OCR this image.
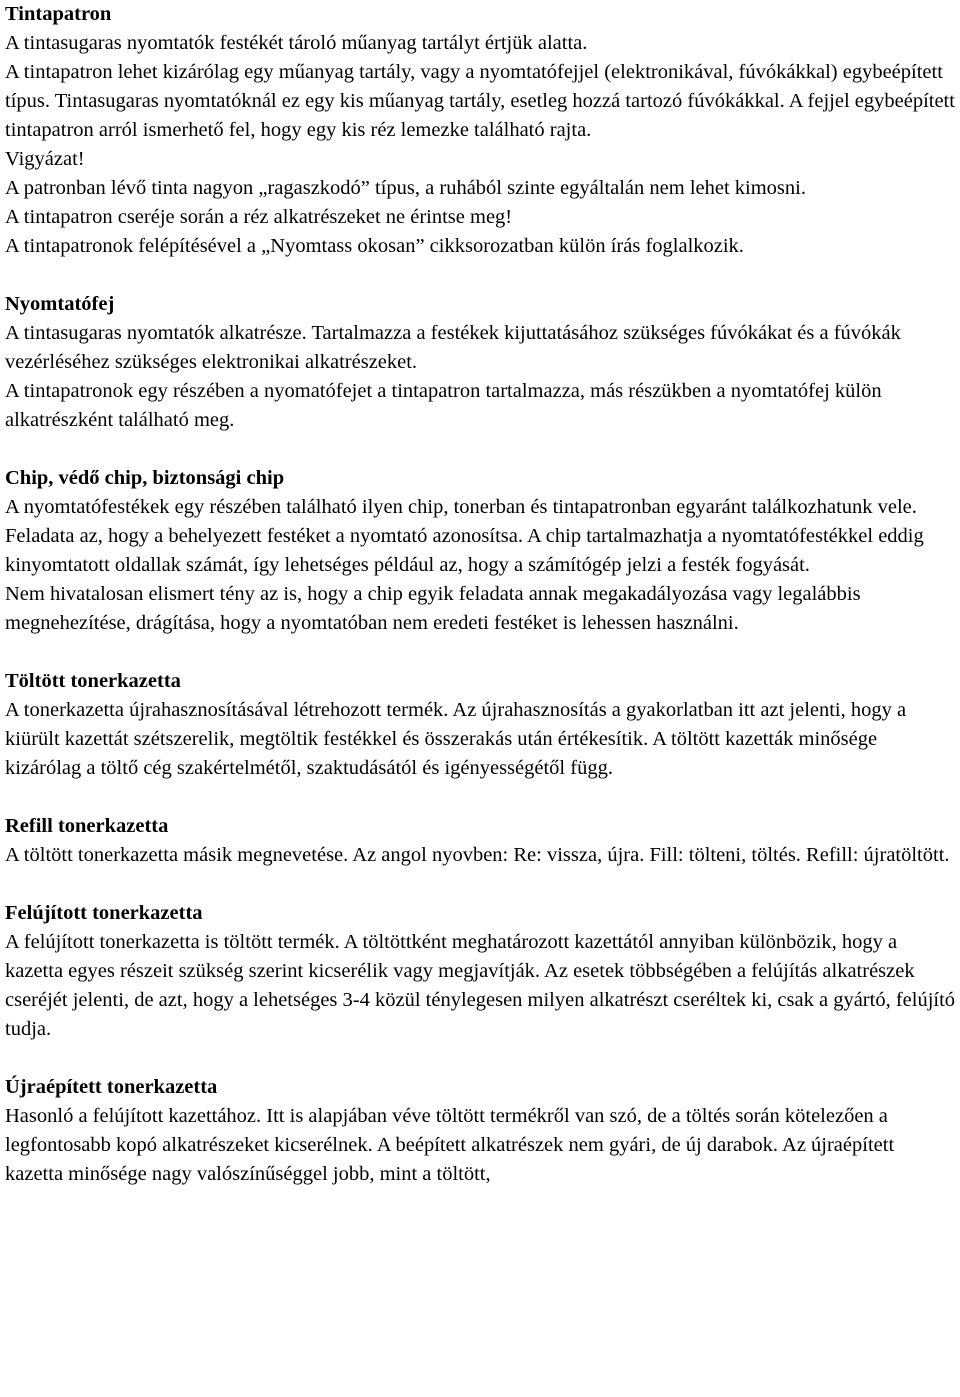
Tintapatron

A tintasugaras nyomtatók festékét tároló műanyag tartályt értjük alatta.

A tintapatron lehet kizárólag egy műanyag tartály, vagy a nyomtatófejjel (elektronikával, fúvókákkal) egybeépített típus. Tintasugaras nyomtatóknál ez egy kis műanyag tartály, esetleg hozzá tartozó fúvókákkal. A fejjel egybeépített tintapatron arról ismerhető fel, hogy egy kis réz lemezke található rajta.

Vigyázat!

A patronban lévő tinta nagyon „ragaszkodó” típus, a ruhából szinte egyáltalán nem lehet kimosni.

A tintapatron cseréje során a réz alkatrészeket ne érintse meg!

A tintapatronok felépítésével a „Nyomtass okosan” cikksorozatban külön írás foglalkozik.

Nyomtatófej

A tintasugaras nyomtatók alkatrésze. Tartalmazza a festékek kijuttatásához szükséges fúvókákat és a fúvókák vezérléséhez szükséges elektronikai alkatrészeket.

A tintapatronok egy részében a nyomatófejet a tintapatron tartalmazza, más részükben a nyomtatófej külön alkatrészként található meg.

Chip, védő chip, biztonsági chip

A nyomtatófestékek egy részében található ilyen chip, tonerban és tintapatronban egyaránt találkozhatunk vele.

Feladata az, hogy a behelyezett festéket a nyomtató azonosítsa. A chip tartalmazhatja a nyomtatófestékkel eddig kinyomtatott oldallak számát, így lehetséges például az, hogy a számítógép jelzi a festék fogyását.

Nem hivatalosan elismert tény az is, hogy a chip egyik feladata annak megakadályozása vagy legalábbis megnehezítése, drágítása, hogy a nyomtatóban nem eredeti festéket is lehessen használni.

Töltött tonerkazetta

A tonerkazetta újrahasznosításával létrehozott termék. Az újrahasznosítás a gyakorlatban itt azt jelenti, hogy a kiürült kazettát szétszerelik, megtöltik festékkel és összerakás után értékesítik. A töltött kazetták minősége kizárólag a töltő cég szakértelmétől, szaktudásától és igényességétől függ.

Refill tonerkazetta

A töltött tonerkazetta másik megnevetése. Az angol nyovben: Re: vissza, újra. Fill: tölteni, töltés. Refill: újratöltött.

Felújított tonerkazetta

A felújított tonerkazetta is töltött termék. A töltöttként meghatározott kazettától annyiban különbözik, hogy a kazetta egyes részeit szükség szerint kicserélik vagy megjavítják. Az esetek többségében a felújítás alkatrészek cseréjét jelenti, de azt, hogy a lehetséges 3-4 közül ténylegesen milyen alkatrészt cseréltek ki, csak a gyártó, felújító tudja.

Újraépített tonerkazetta

Hasonló a felújított kazettához. Itt is alapjában véve töltött termékről van szó, de a töltés során kötelezően a legfontosabb kopó alkatrészeket kicserélnek. A beépített alkatrészek nem gyári, de új darabok. Az újraépített kazetta minősége nagy valószínűséggel jobb, mint a töltött,
